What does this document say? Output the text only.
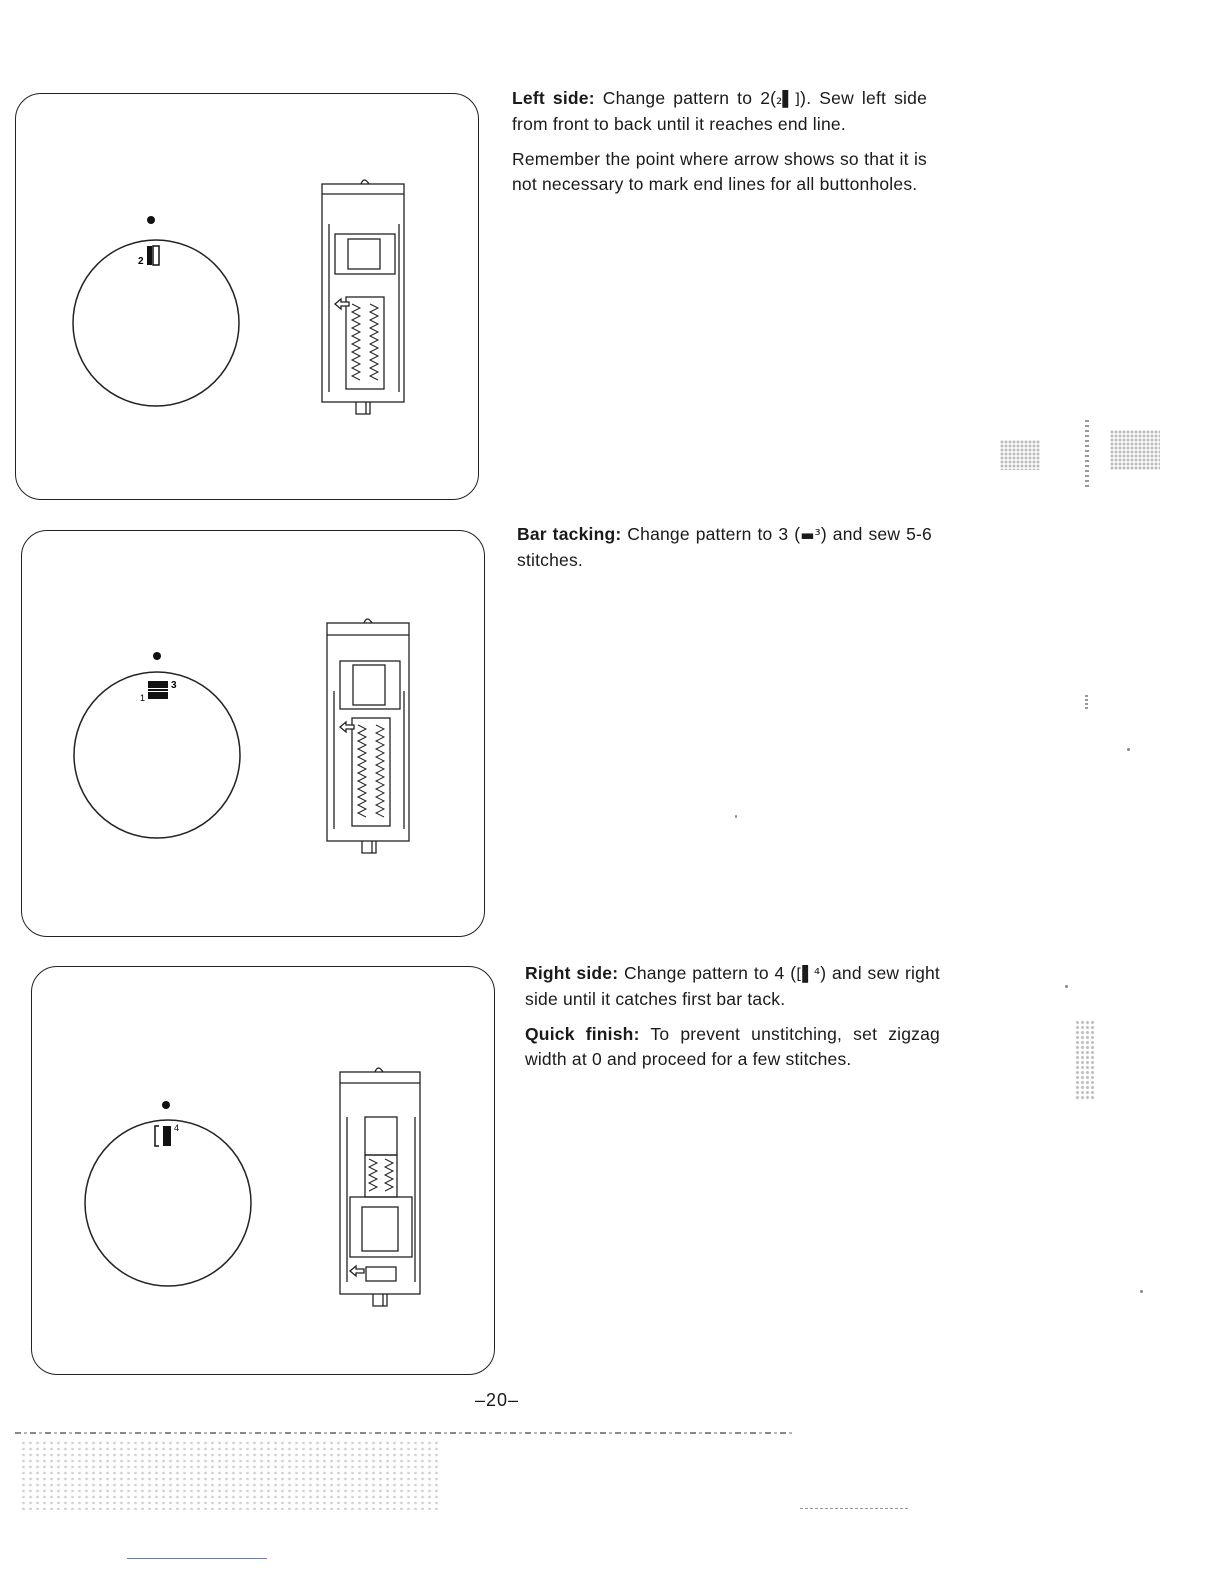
2
3
1
4

Left side: Change pattern to 2(₂▌]). Sew left side from front to back until it reaches end line.

Remember the point where arrow shows so that it is not necessary to mark end lines for all buttonholes.

Bar tacking: Change pattern to 3 (▬³) and sew 5-6 stitches.

Right side: Change pattern to 4 ([▌⁴) and sew right side until it catches first bar tack.

Quick finish: To prevent unstitching, set zigzag width at 0 and proceed for a few stitches.

–20–
